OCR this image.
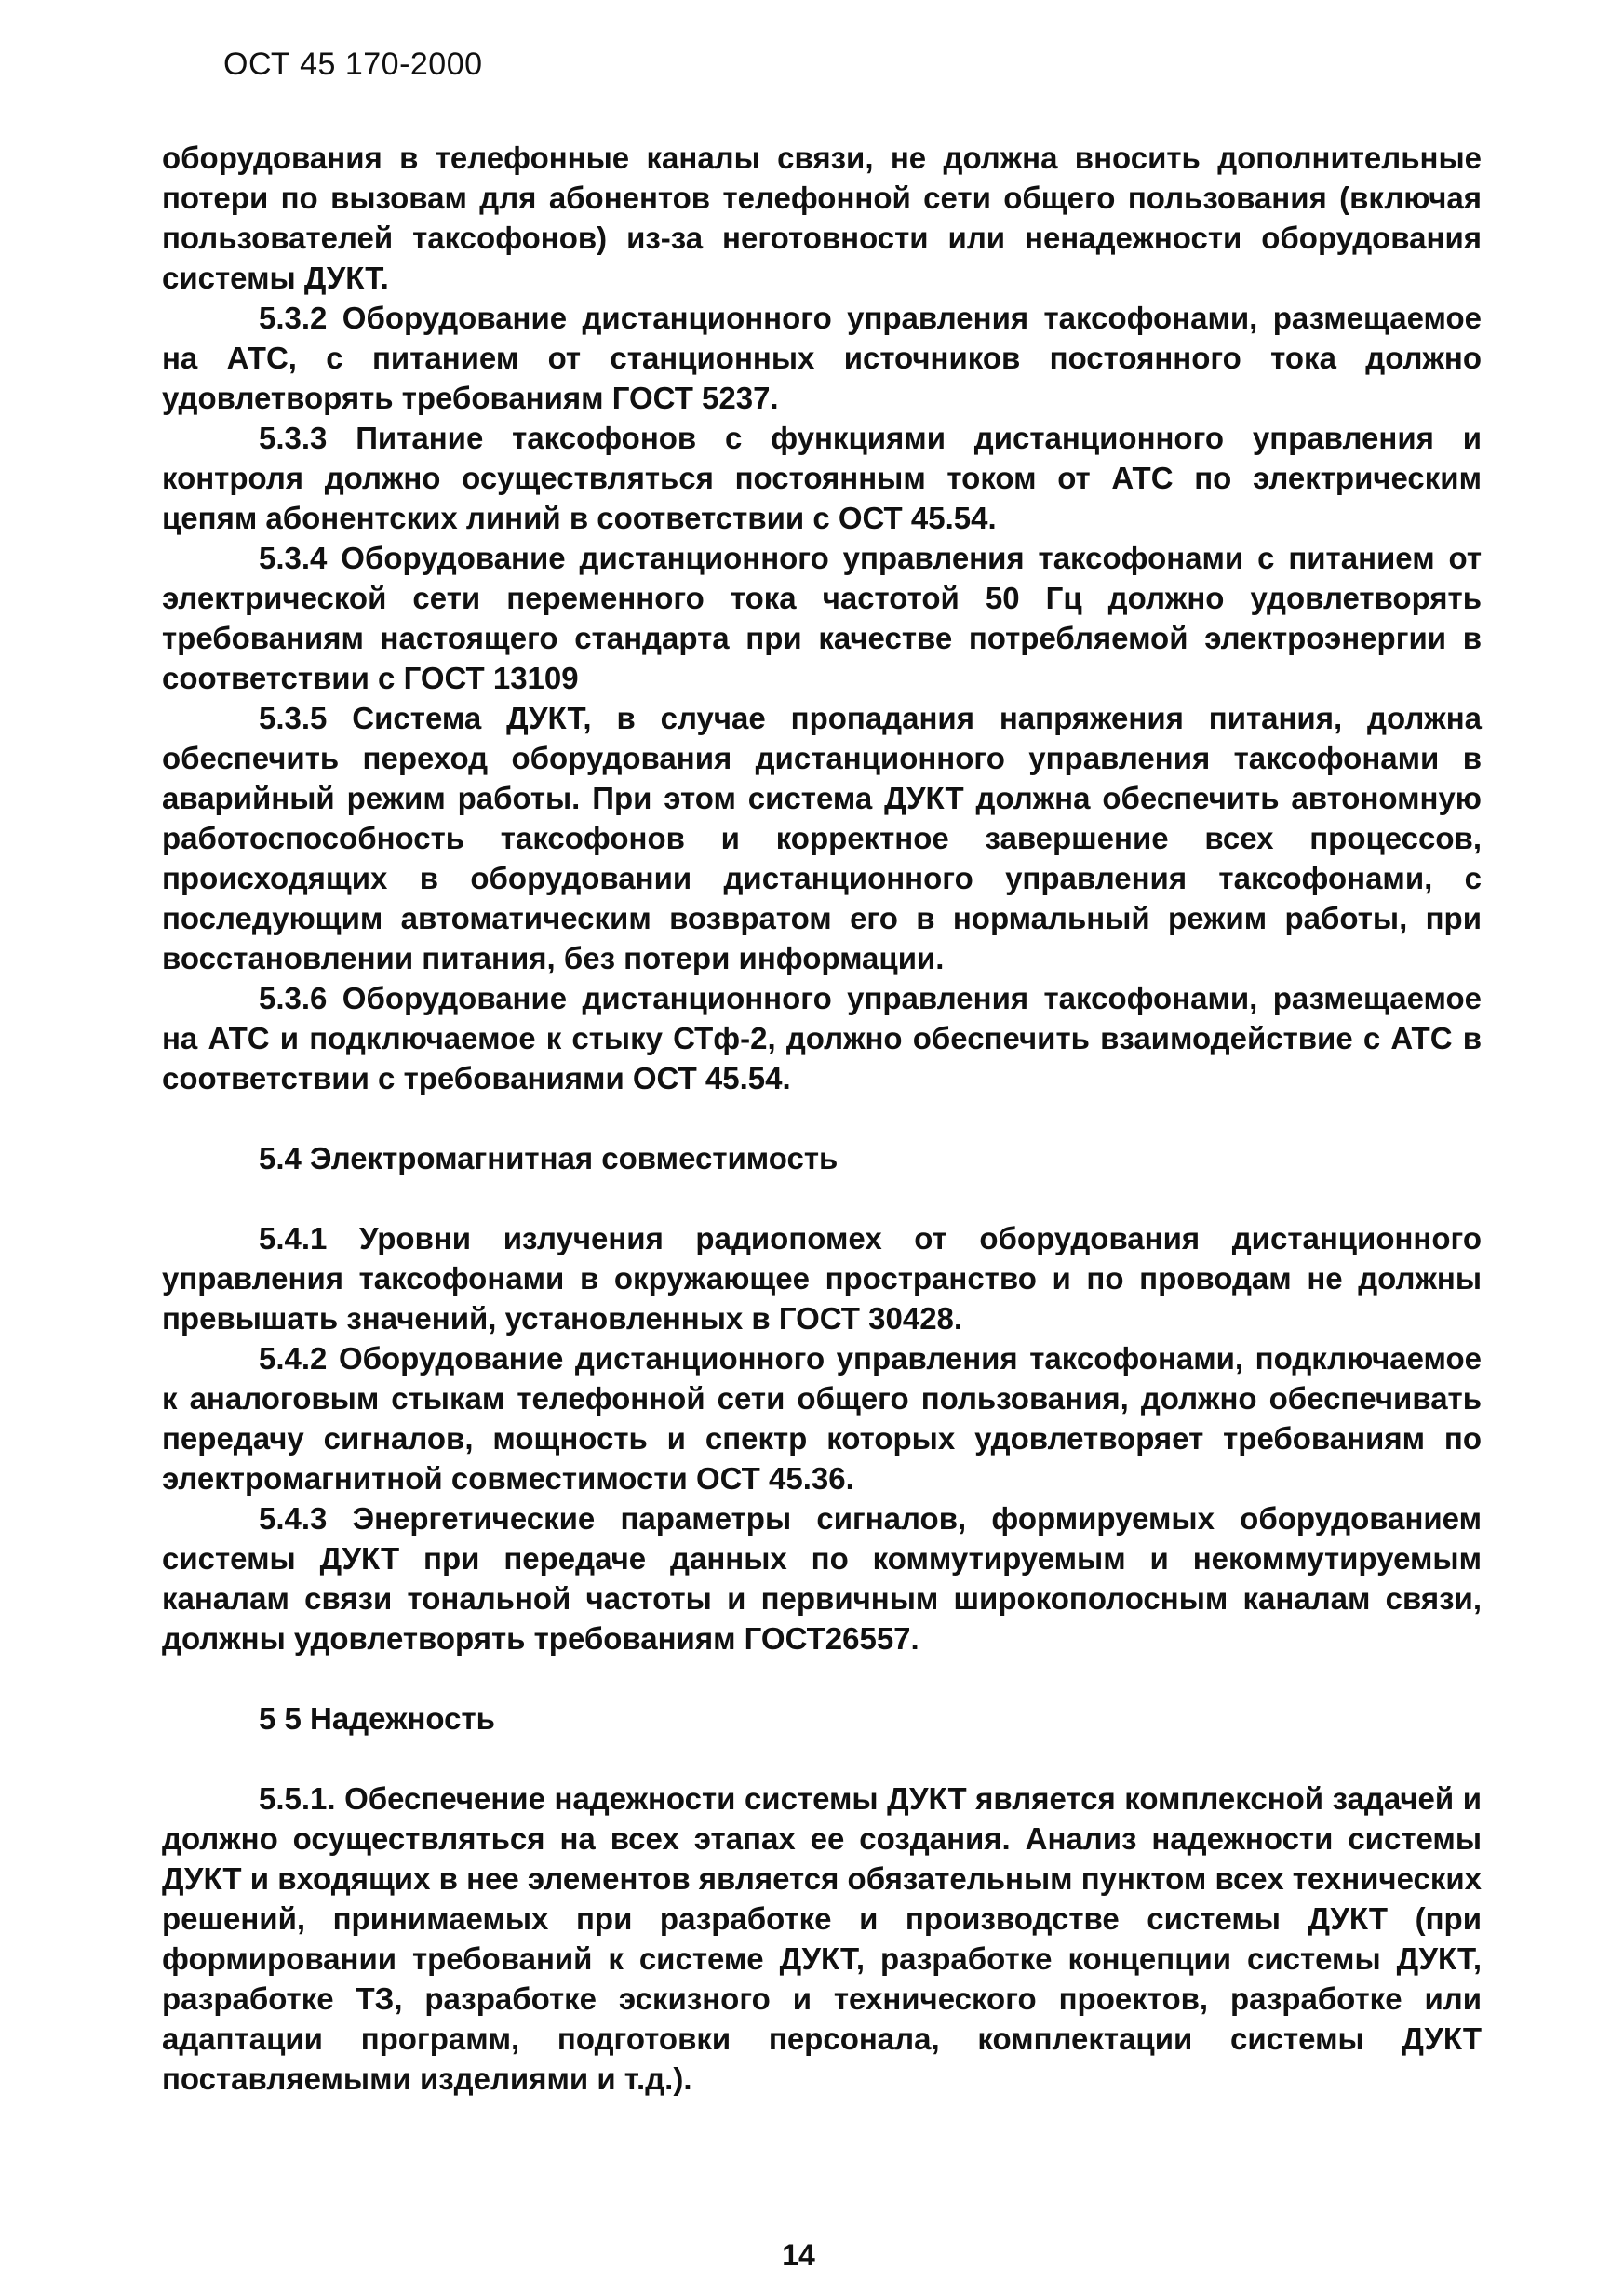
ОСТ 45 170-2000

оборудования в телефонные каналы связи, не должна вносить дополнительные потери по вызовам для абонентов телефонной сети общего пользования (включая пользователей таксофонов) из-за неготовности или ненадежности оборудования системы ДУКТ.

5.3.2 Оборудование дистанционного управления таксофонами, размещаемое на АТС, с питанием от станционных источников постоянного тока должно удовлетворять требованиям ГОСТ 5237.

5.3.3 Питание таксофонов с функциями дистанционного управления и контроля должно осуществляться постоянным током от АТС по электрическим цепям абонентских линий в соответствии с ОСТ 45.54.

5.3.4 Оборудование дистанционного управления таксофонами с питанием от электрической сети переменного тока частотой 50 Гц должно удовлетворять требованиям настоящего стандарта при качестве потребляемой электроэнергии в соответствии с ГОСТ 13109

5.3.5 Система ДУКТ, в случае пропадания напряжения питания, должна обеспечить переход оборудования дистанционного управления таксофонами в аварийный режим работы. При этом система ДУКТ должна обеспечить автономную работоспособность таксофонов и корректное завершение всех процессов, происходящих в оборудовании дистанционного управления таксофонами, с последующим автоматическим возвратом его в нормальный режим работы, при восстановлении питания, без потери информации.

5.3.6 Оборудование дистанционного управления таксофонами, размещаемое на АТС и подключаемое к стыку СТф-2, должно обеспечить взаимодействие с АТС в соответствии с требованиями ОСТ 45.54.

5.4 Электромагнитная совместимость

5.4.1 Уровни излучения радиопомех от оборудования дистанционного управления таксофонами в окружающее пространство и по проводам не должны превышать значений, установленных в ГОСТ 30428.

5.4.2 Оборудование дистанционного управления таксофонами, подключаемое к аналоговым стыкам телефонной сети общего пользования, должно обеспечивать передачу сигналов, мощность и спектр которых удовлетворяет требованиям по электромагнитной совместимости ОСТ 45.36.

5.4.3 Энергетические параметры сигналов, формируемых оборудованием системы ДУКТ при передаче данных по коммутируемым и некоммутируемым каналам связи тональной частоты и первичным широкополосным каналам связи, должны удовлетворять требованиям ГОСТ26557.

5 5 Надежность

5.5.1. Обеспечение надежности системы ДУКТ является комплексной задачей и должно осуществляться на всех этапах ее создания. Анализ надежности системы ДУКТ и входящих в нее элементов является обязательным пунктом всех технических решений, принимаемых при разработке и производстве системы ДУКТ (при формировании требований к системе ДУКТ, разработке концепции системы ДУКТ, разработке ТЗ, разработке эскизного и технического проектов, разработке или адаптации программ, подготовки персонала, комплектации системы ДУКТ поставляемыми изделиями и т.д.).

14
